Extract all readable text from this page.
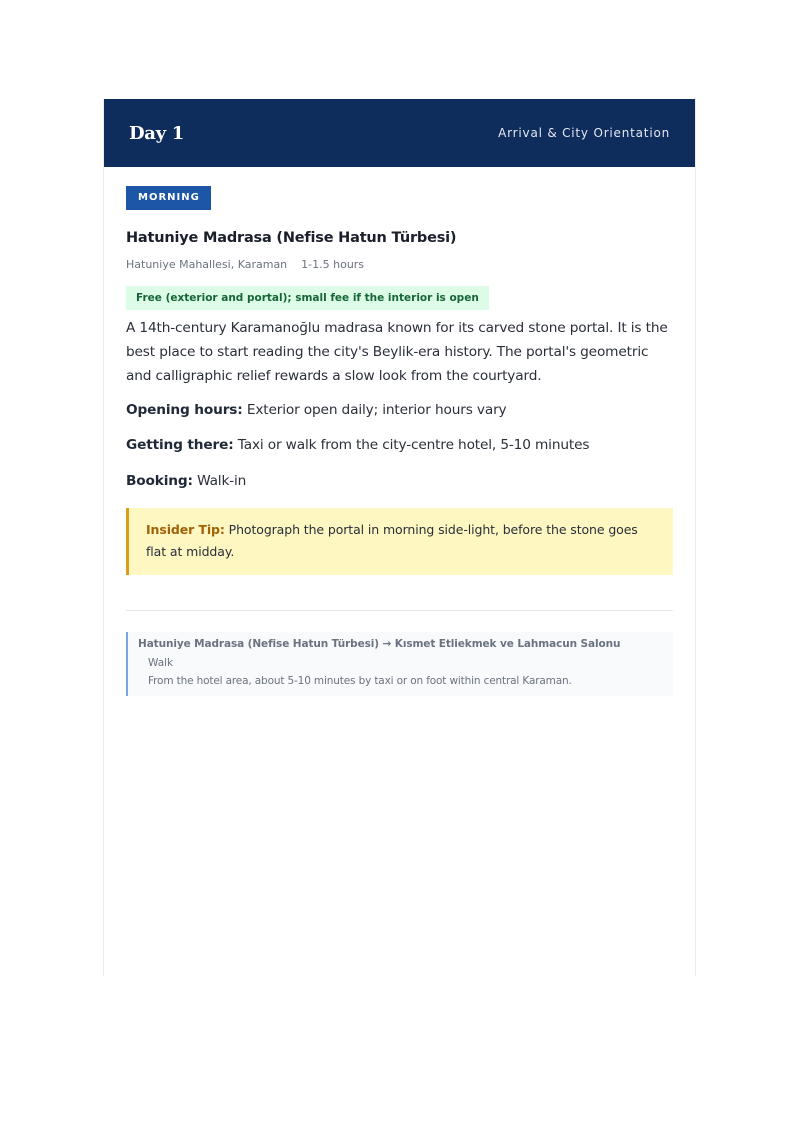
Day 1	Arrival & City Orientation
MORNING
Hatuniye Madrasa (Nefise Hatun Türbesi)
Hatuniye Mahallesi, Karaman 1-1.5 hours
Free (exterior and portal); small fee if the interior is open
A 14th-century Karamanoğlu madrasa known for its carved stone portal. It is the best place to start reading the city's Beylik-era history. The portal's geometric and calligraphic relief rewards a slow look from the courtyard.
Opening hours: Exterior open daily; interior hours vary
Getting there: Taxi or walk from the city-centre hotel, 5-10 minutes
Booking: Walk-in
Insider Tip: Photograph the portal in morning side-light, before the stone goes flat at midday.
Hatuniye Madrasa (Nefise Hatun Türbesi) → Kısmet Etliekmek ve Lahmacun Salonu
Walk
From the hotel area, about 5-10 minutes by taxi or on foot within central Karaman.
